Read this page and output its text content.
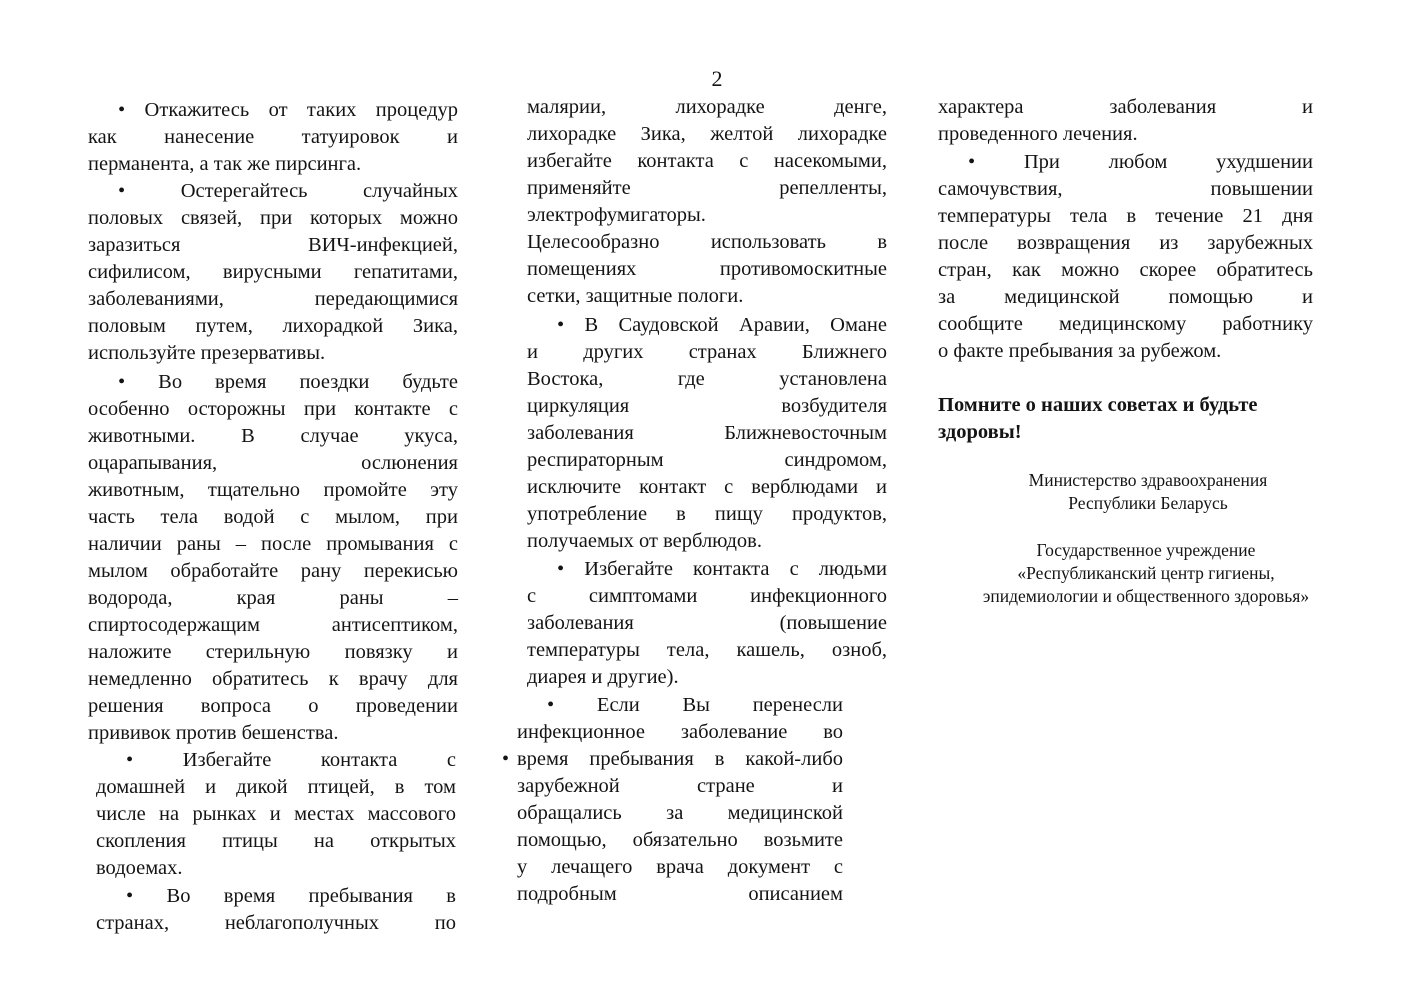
2
• Откажитесь от таких процедур
как нанесение татуировок и
перманента, а так же пирсинга.
• Остерегайтесь случайных
половых связей, при которых можно
заразиться ВИЧ-инфекцией,
сифилисом, вирусными гепатитами,
заболеваниями, передающимися
половым путем, лихорадкой Зика,
используйте презервативы.
• Во время поездки будьте
особенно осторожны при контакте с
животными. В случае укуса,
оцарапывания, ослюнения
животным, тщательно промойте эту
часть тела водой с мылом, при
наличии раны – после промывания с
мылом обработайте рану перекисью
водорода, края раны –
спиртосодержащим антисептиком,
наложите стерильную повязку и
немедленно обратитесь к врачу для
решения вопроса о проведении
прививок против бешенства.
• Избегайте контакта с
домашней и дикой птицей, в том
числе на рынках и местах массового
скопления птицы на открытых
водоемах.
• Во время пребывания в
странах, неблагополучных по
малярии, лихорадке денге,
лихорадке Зика, желтой лихорадке
избегайте контакта с насекомыми,
применяйте репелленты,
электрофумигаторы.
Целесообразно использовать в
помещениях противомоскитные
сетки, защитные пологи.
• В Саудовской Аравии, Омане
и других странах Ближнего
Востока, где установлена
циркуляция возбудителя
заболевания Ближневосточным
респираторным синдромом,
исключите контакт с верблюдами и
употребление в пищу продуктов,
получаемых от верблюдов.
• Избегайте контакта с людьми
с симптомами инфекционного
заболевания (повышение
температуры тела, кашель, озноб,
диарея и другие).
• Если Вы перенесли
инфекционное заболевание во
• время пребывания в какой-либо
зарубежной стране и
обращались за медицинской
помощью, обязательно возьмите
у лечащего врача документ с
подробным описанием
характера заболевания и
проведенного лечения.
• При любом ухудшении
самочувствия, повышении
температуры тела в течение 21 дня
после возвращения из зарубежных
стран, как можно скорее обратитесь
за медицинской помощью и
сообщите медицинскому работнику
о факте пребывания за рубежом.
Помните о наших советах и будьте
здоровы!
Министерство здравоохранения
Республики Беларусь
Государственное учреждение
«Республиканский центр гигиены,
эпидемиологии и общественного здоровья»
